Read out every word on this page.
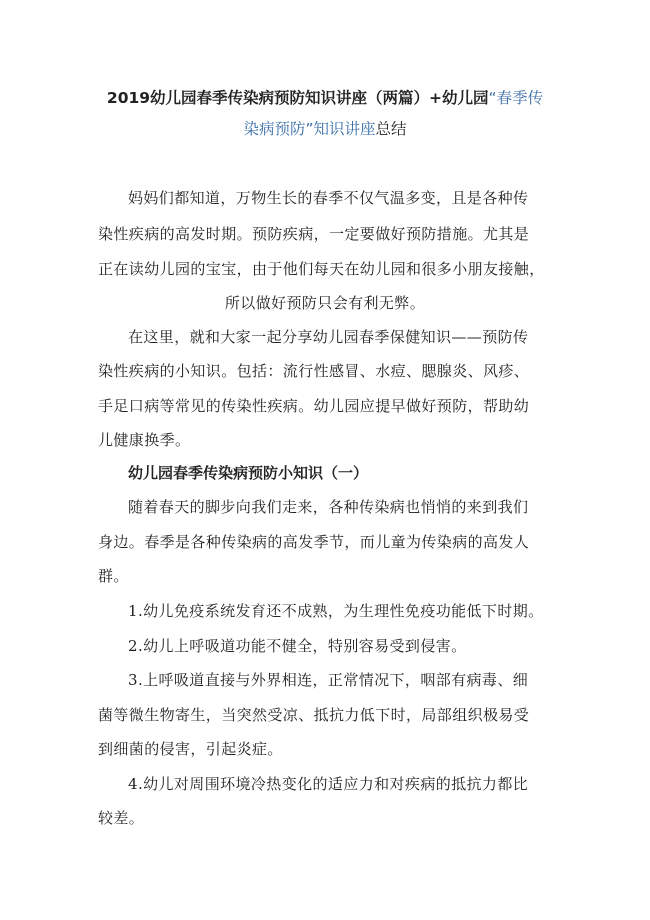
2019幼儿园春季传染病预防知识讲座（两篇）+幼儿园“春季传
染病预防”知识讲座总结

妈妈们都知道，万物生长的春季不仅气温多变，且是各种传

染性疾病的高发时期。预防疾病，一定要做好预防措施。尤其是

正在读幼儿园的宝宝，由于他们每天在幼儿园和很多小朋友接触，

所以做好预防只会有利无弊。

在这里，就和大家一起分享幼儿园春季保健知识——预防传

染性疾病的小知识。包括：流行性感冒、水痘、腮腺炎、风疹、

手足口病等常见的传染性疾病。幼儿园应提早做好预防，帮助幼

儿健康换季。

幼儿园春季传染病预防小知识（一）

随着春天的脚步向我们走来，各种传染病也悄悄的来到我们

身边。春季是各种传染病的高发季节，而儿童为传染病的高发人

群。

1.幼儿免疫系统发育还不成熟，为生理性免疫功能低下时期。

2.幼儿上呼吸道功能不健全，特别容易受到侵害。

3.上呼吸道直接与外界相连，正常情况下，咽部有病毒、细

菌等微生物寄生，当突然受凉、抵抗力低下时，局部组织极易受

到细菌的侵害，引起炎症。

4.幼儿对周围环境冷热变化的适应力和对疾病的抵抗力都比

较差。
